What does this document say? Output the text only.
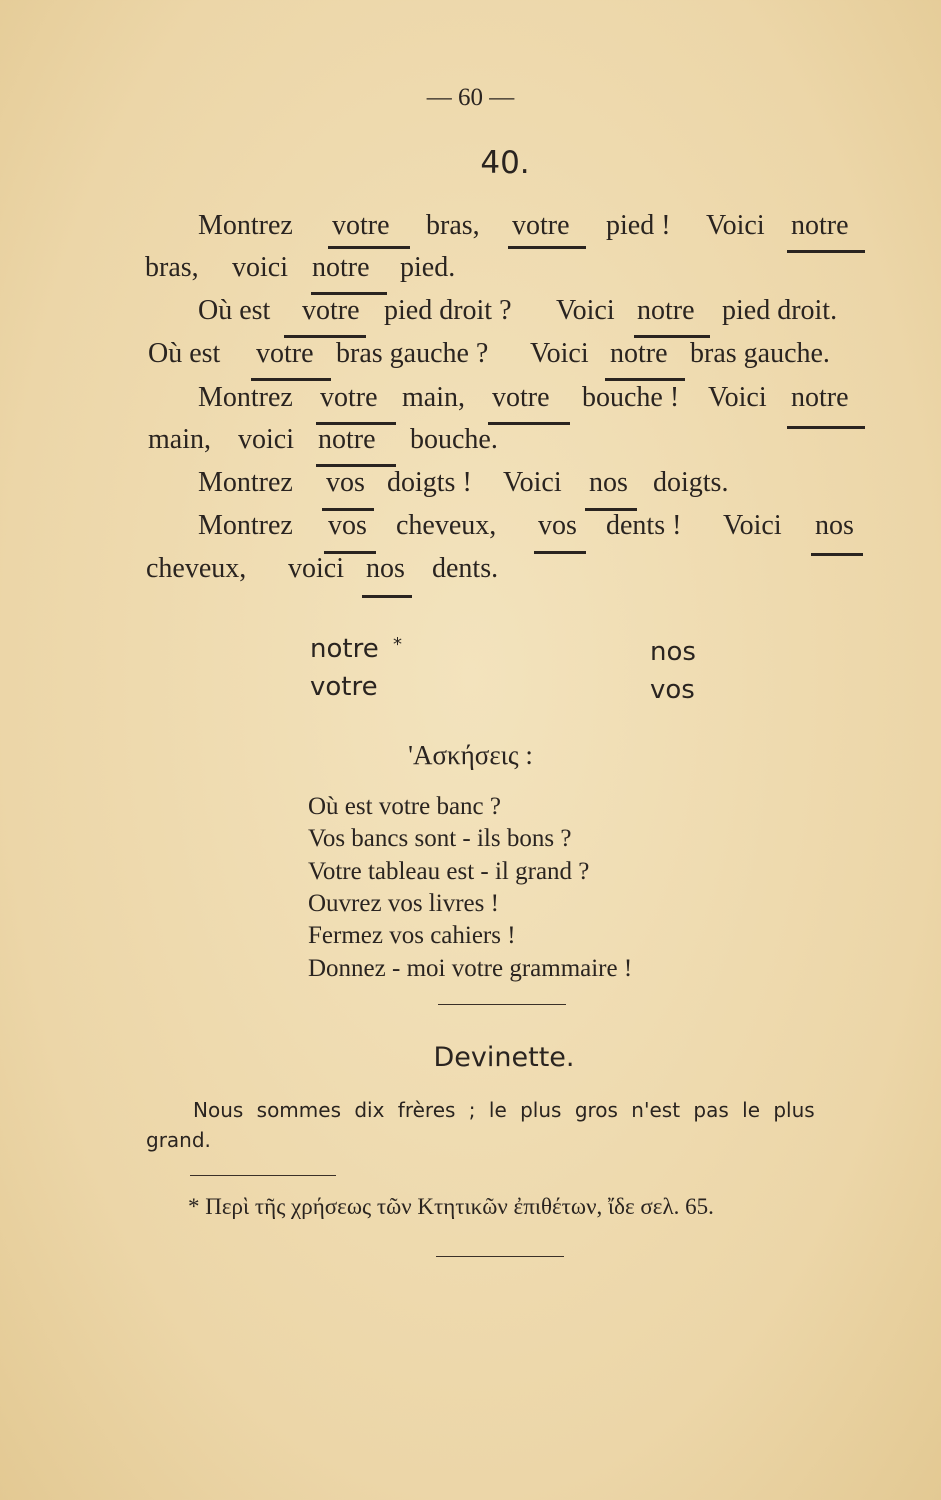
— 60 —
40.
Montrez votre bras, votre pied ! Voici notre
bras, voici notre pied.
Où est votre pied droit ? Voici notre pied droit.
Où est votre bras gauche ? Voici notre bras gauche.
Montrez votre main, votre bouche ! Voici notre
main, voici notre bouche.
Montrez vos doigts ! Voici nos doigts.
Montrez vos cheveux, vos dents ! Voici nos
cheveux, voici nos dents.
notre *
votre
nos
vos
'Ασκήσεις :
Où est votre banc ?
Vos bancs sont - ils bons ?
Votre tableau est - il grand ?
Ouvrez vos livres !
Fermez vos cahiers !
Donnez - moi votre grammaire !
Devinette.
Nous sommes dix frères ; le plus gros n'est pas le plus
grand.
* Περὶ τῆς χρήσεως τῶν Κτητικῶν ἐπιθέτων, ἴδε σελ. 65.
